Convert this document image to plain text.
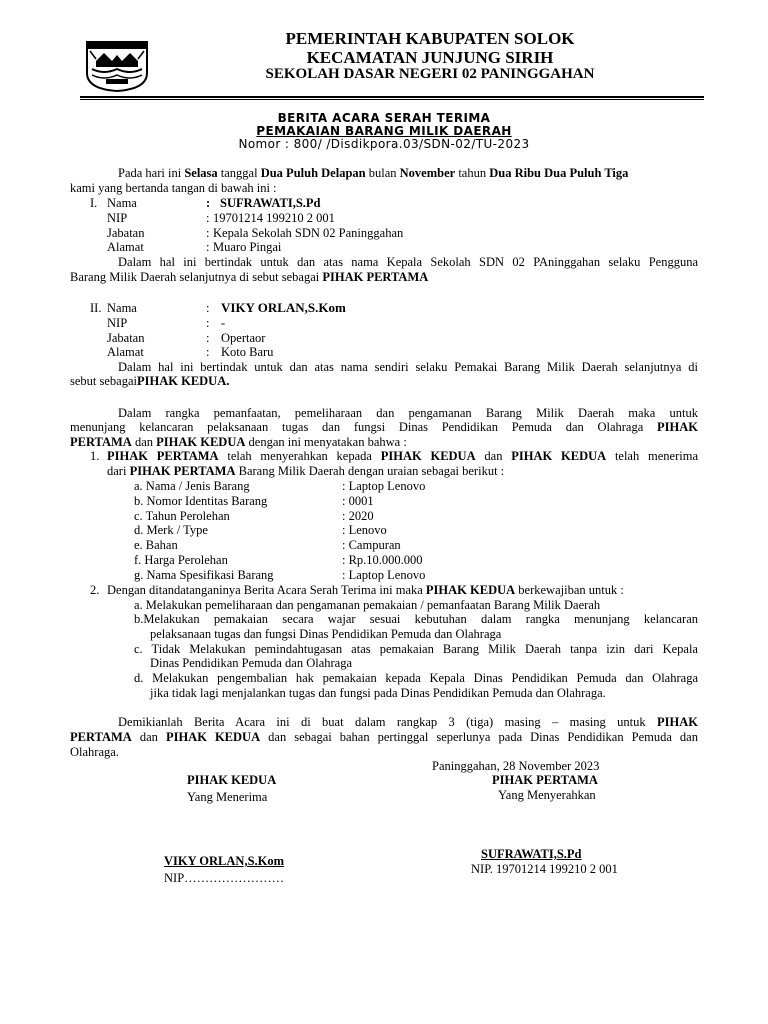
PEMERINTAH KABUPATEN SOLOK
KECAMATAN JUNJUNG SIRIH
SEKOLAH DASAR NEGERI 02 PANINGGAHAN
BERITA ACARA SERAH TERIMA
PEMAKAIAN BARANG MILIK DAERAH
Nomor : 800/ /Disdikpora.03/SDN-02/TU-2023
Pada hari ini Selasa tanggal Dua Puluh Delapan bulan November tahun Dua Ribu Dua Puluh Tiga
kami yang bertanda tangan di bawah ini :
I. Nama
NIP
Jabatan
Alamat
:
:
:
:
SUFRAWATI,S.Pd
19701214 199210 2 001
Kepala Sekolah SDN 02 Paninggahan
Muaro Pingai
Dalam hal ini bertindak untuk dan atas nama Kepala Sekolah SDN 02 PAninggahan selaku Pengguna
Barang Milik Daerah selanjutnya di sebut sebagai PIHAK PERTAMA
II. Nama
NIP
Jabatan
Alamat
:
:
:
:
VIKY ORLAN,S.Kom
-
Opertaor
Koto Baru
Dalam hal ini bertindak untuk dan atas nama sendiri selaku Pemakai Barang Milik Daerah selanjutnya di
sebut sebagaiPIHAK KEDUA.
Dalam rangka pemanfaatan, pemeliharaan dan pengamanan Barang Milik Daerah maka untuk
menunjang kelancaran pelaksanaan tugas dan fungsi Dinas Pendidikan Pemuda dan Olahraga PIHAK
PERTAMA dan PIHAK KEDUA dengan ini menyatakan bahwa :
1. PIHAK PERTAMA telah menyerahkan kepada PIHAK KEDUA dan PIHAK KEDUA telah menerima
dari PIHAK PERTAMA Barang Milik Daerah dengan uraian sebagai berikut :
a. Nama / Jenis Barang
b. Nomor Identitas Barang
c. Tahun Perolehan
d. Merk / Type
e. Bahan
f. Harga Perolehan
g. Nama Spesifikasi Barang
: Laptop Lenovo
: 0001
: 2020
: Lenovo
: Campuran
: Rp.10.000.000
: Laptop Lenovo
2. Dengan ditandatanganinya Berita Acara Serah Terima ini maka PIHAK KEDUA berkewajiban untuk :
a. Melakukan pemeliharaan dan pengamanan pemakaian / pemanfaatan Barang Milik Daerah
b.Melakukan pemakaian secara wajar sesuai kebutuhan dalam rangka menunjang kelancaran
pelaksanaan tugas dan fungsi Dinas Pendidikan Pemuda dan Olahraga
c. Tidak Melakukan pemindahtugasan atas pemakaian Barang Milik Daerah tanpa izin dari Kepala
Dinas Pendidikan Pemuda dan Olahraga
d. Melakukan pengembalian hak pemakaian kepada Kepala Dinas Pendidikan Pemuda dan Olahraga
jika tidak lagi menjalankan tugas dan fungsi pada Dinas Pendidikan Pemuda dan Olahraga.
Demikianlah Berita Acara ini di buat dalam rangkap 3 (tiga) masing – masing untuk PIHAK
PERTAMA dan PIHAK KEDUA dan sebagai bahan pertinggal seperlunya pada Dinas Pendidikan Pemuda dan
Olahraga.
Paninggahan, 28 November 2023
PIHAK KEDUA
Yang Menerima
PIHAK PERTAMA
Yang Menyerahkan
VIKY ORLAN,S.Kom
NIP……………………
SUFRAWATI,S.Pd
NIP. 19701214 199210 2 001
